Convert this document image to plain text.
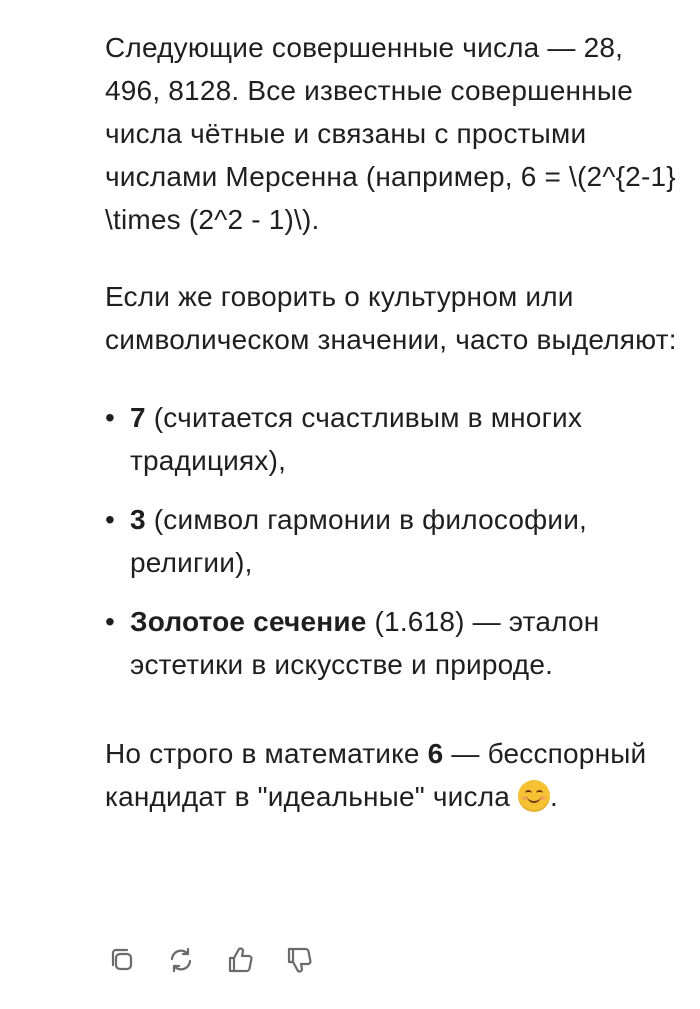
Следующие совершенные числа — 28, 496, 8128. Все известные совершенные числа чётные и связаны с простыми числами Мерсенна (например, 6 = \(2^{2-1} \times (2^2 - 1)\).

Если же говорить о культурном или символическом значении, часто выделяют:

• 7 (считается счастливым в многих традициях),
• 3 (символ гармонии в философии, религии),
• Золотое сечение (1.618) — эталон эстетики в искусстве и природе.

Но строго в математике 6 — бесспорный кандидат в "идеальные" числа
.
